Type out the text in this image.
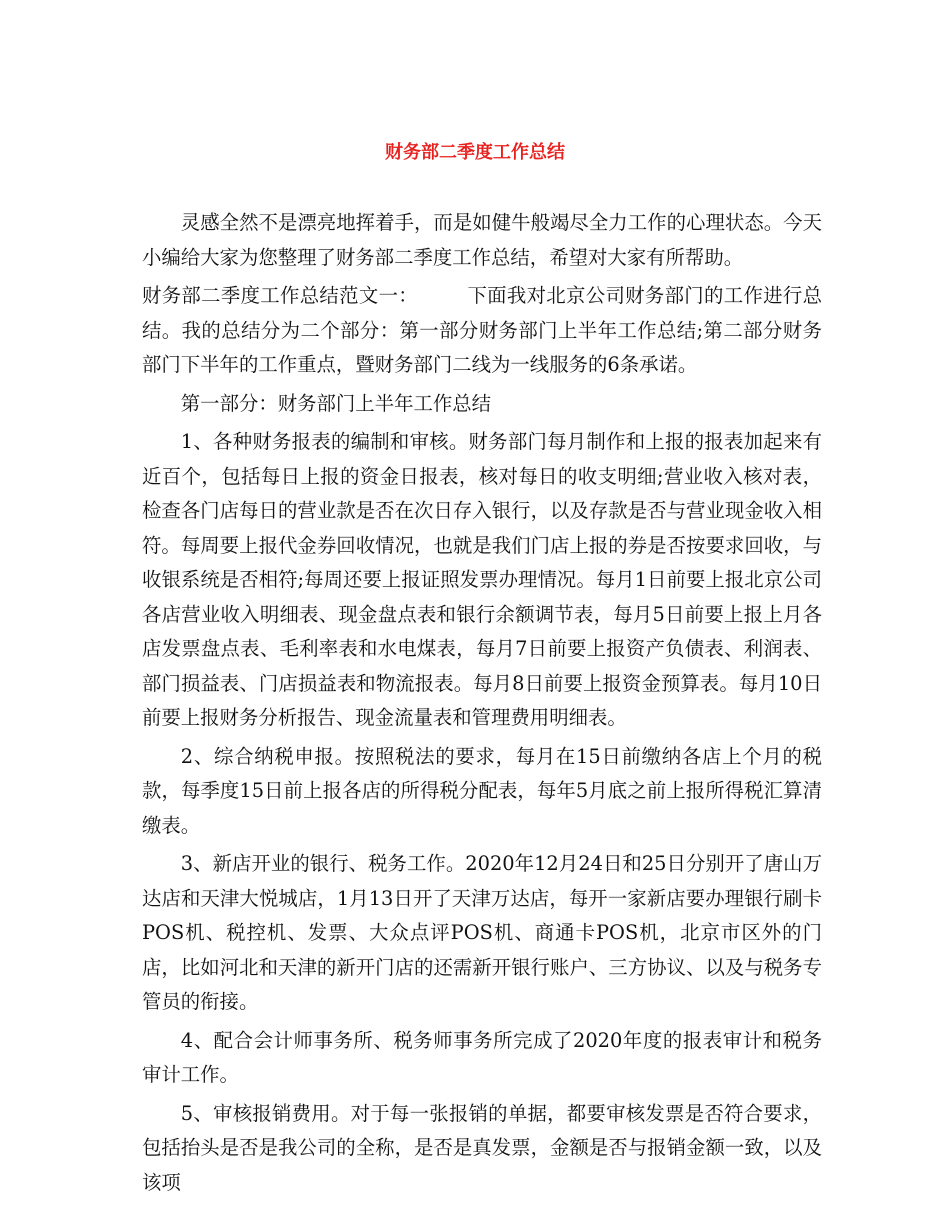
财务部二季度工作总结

灵感全然不是漂亮地挥着手，而是如健牛般竭尽全力工作的心理状态。今天小编给大家为您整理了财务部二季度工作总结，希望对大家有所帮助。

财务部二季度工作总结范文一：　　　下面我对北京公司财务部门的工作进行总结。我的总结分为二个部分：第一部分财务部门上半年工作总结;第二部分财务部门下半年的工作重点，暨财务部门二线为一线服务的6条承诺。

第一部分：财务部门上半年工作总结

1、各种财务报表的编制和审核。财务部门每月制作和上报的报表加起来有近百个，包括每日上报的资金日报表，核对每日的收支明细;营业收入核对表，检查各门店每日的营业款是否在次日存入银行，以及存款是否与营业现金收入相符。每周要上报代金券回收情况，也就是我们门店上报的券是否按要求回收，与收银系统是否相符;每周还要上报证照发票办理情况。每月1日前要上报北京公司各店营业收入明细表、现金盘点表和银行余额调节表，每月5日前要上报上月各店发票盘点表、毛利率表和水电煤表，每月7日前要上报资产负债表、利润表、部门损益表、门店损益表和物流报表。每月8日前要上报资金预算表。每月10日前要上报财务分析报告、现金流量表和管理费用明细表。

2、综合纳税申报。按照税法的要求，每月在15日前缴纳各店上个月的税款，每季度15日前上报各店的所得税分配表，每年5月底之前上报所得税汇算清缴表。

3、新店开业的银行、税务工作。2020年12月24日和25日分别开了唐山万达店和天津大悦城店，1月13日开了天津万达店，每开一家新店要办理银行刷卡POS机、税控机、发票、大众点评POS机、商通卡POS机，北京市区外的门店，比如河北和天津的新开门店的还需新开银行账户、三方协议、以及与税务专管员的衔接。

4、配合会计师事务所、税务师事务所完成了2020年度的报表审计和税务审计工作。

5、审核报销费用。对于每一张报销的单据，都要审核发票是否符合要求，包括抬头是否是我公司的全称，是否是真发票，金额是否与报销金额一致，以及该项
